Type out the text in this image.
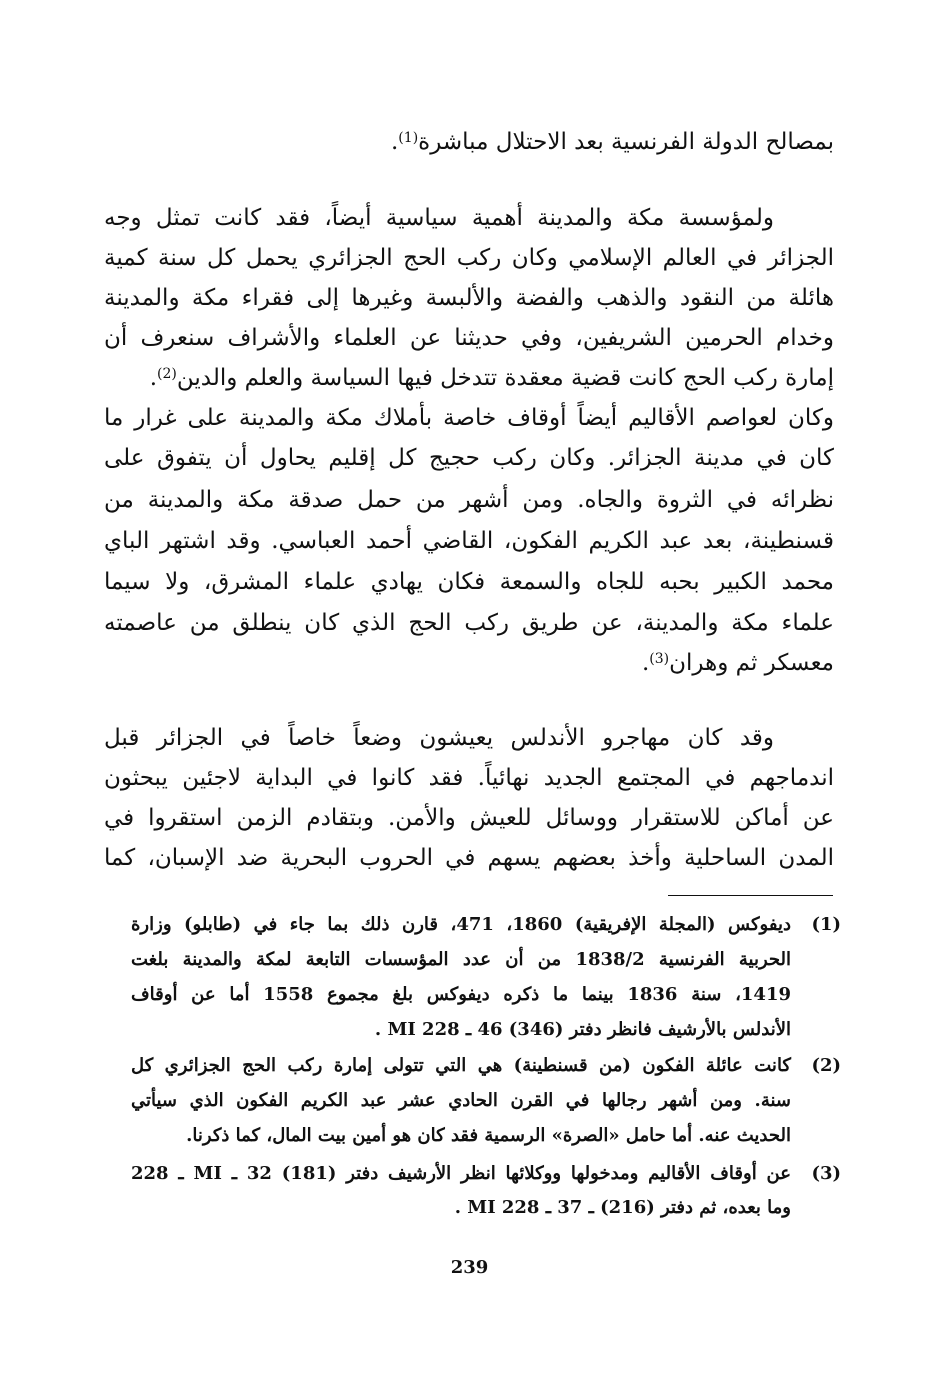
بمصالح الدولة الفرنسية بعد الاحتلال مباشرة$^{(1)}$.
ولمؤسسة مكة والمدينة أهمية سياسية أيضاً، فقد كانت تمثل وجه
الجزائر في العالم الإسلامي وكان ركب الحج الجزائري يحمل كل سنة كمية
هائلة من النقود والذهب والفضة والألبسة وغيرها إلى فقراء مكة والمدينة
وخدام الحرمين الشريفين، وفي حديثنا عن العلماء والأشراف سنعرف أن
إمارة ركب الحج كانت قضية معقدة تتدخل فيها السياسة والعلم والدين$^{(2)}$.
وكان لعواصم الأقاليم أيضاً أوقاف خاصة بأملاك مكة والمدينة على غرار ما
كان في مدينة الجزائر. وكان ركب حجيج كل إقليم يحاول أن يتفوق على
نظرائه في الثروة والجاه. ومن أشهر من حمل صدقة مكة والمدينة من
قسنطينة، بعد عبد الكريم الفكون، القاضي أحمد العباسي. وقد اشتهر الباي
محمد الكبير بحبه للجاه والسمعة فكان يهادي علماء المشرق، ولا سيما
علماء مكة والمدينة، عن طريق ركب الحج الذي كان ينطلق من عاصمته
معسكر ثم وهران$^{(3)}$.
وقد كان مهاجرو الأندلس يعيشون وضعاً خاصاً في الجزائر قبل
اندماجهم في المجتمع الجديد نهائياً. فقد كانوا في البداية لاجئين يبحثون
عن أماكن للاستقرار ووسائل للعيش والأمن. وبتقادم الزمن استقروا في
المدن الساحلية وأخذ بعضهم يسهم في الحروب البحرية ضد الإسبان، كما
(1)
ديفوكس (المجلة الإفريقية) 1860، 471، قارن ذلك بما جاء في (طابلو) وزارة
الحربية الفرنسية 1838/2 من أن عدد المؤسسات التابعة لمكة والمدينة بلغت
1419، سنة 1836 بينما ما ذكره ديفوكس بلغ مجموع 1558 أما عن أوقاف
الأندلس بالأرشيف فانظر دفتر (346) 46 ـ MI 228 .
(2)
كانت عائلة الفكون (من قسنطينة) هي التي تتولى إمارة ركب الحج الجزائري كل
سنة. ومن أشهر رجالها في القرن الحادي عشر عبد الكريم الفكون الذي سيأتي
الحديث عنه. أما حامل «الصرة» الرسمية فقد كان هو أمين بيت المال، كما ذكرنا.
(3)
عن أوقاف الأقاليم ومدخولها ووكلائها انظر الأرشيف دفتر (181) 32 ـ MI ـ 228
وما بعده، ثم دفتر (216) ـ 37 ـ MI 228 .
239
